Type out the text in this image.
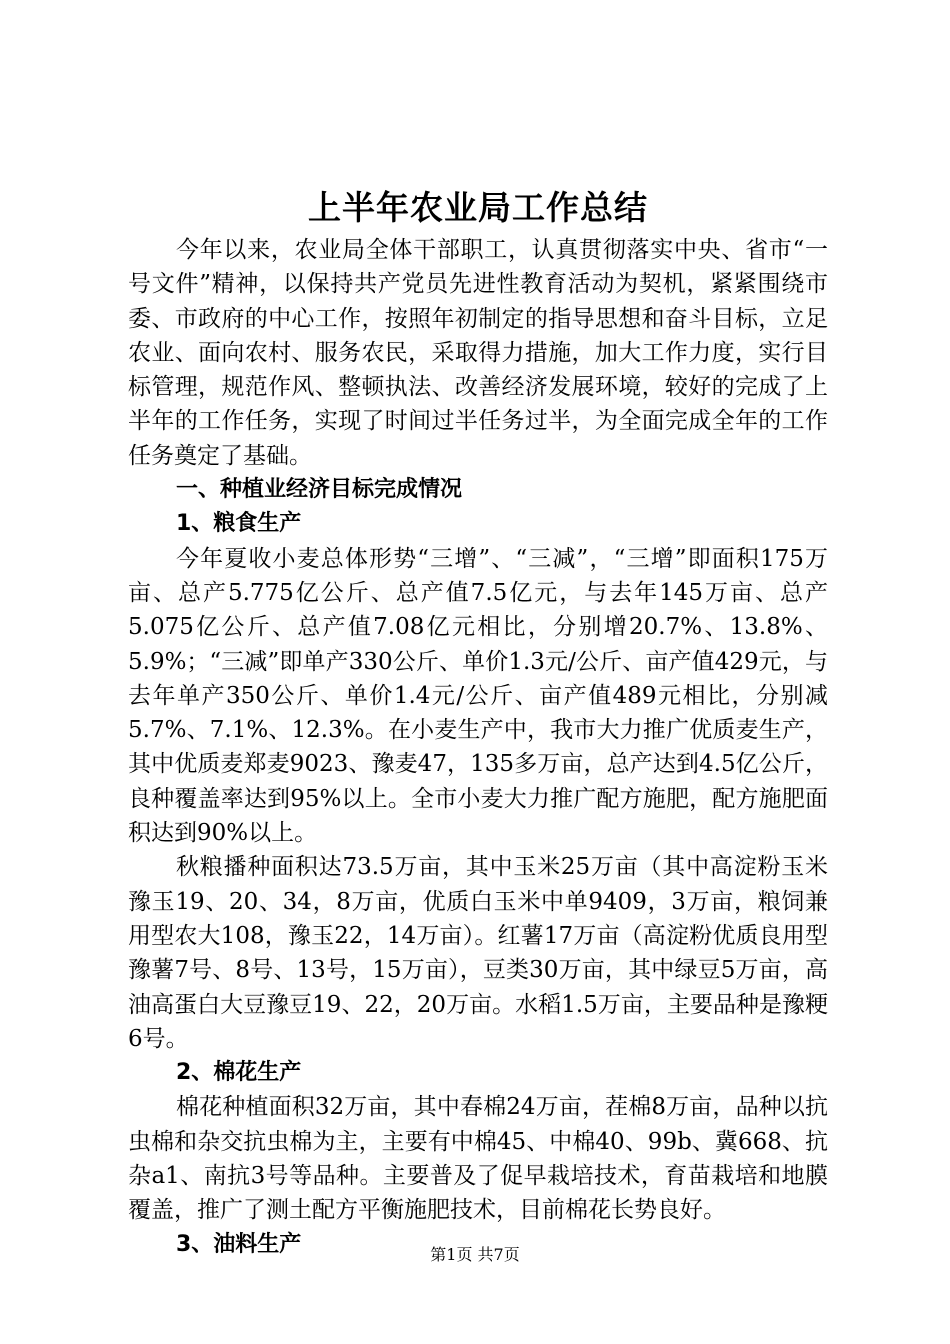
上半年农业局工作总结

今年以来，农业局全体干部职工，认真贯彻落实中央、省市“一号文件”精神，以保持共产党员先进性教育活动为契机，紧紧围绕市委、市政府的中心工作，按照年初制定的指导思想和奋斗目标，立足农业、面向农村、服务农民，采取得力措施，加大工作力度，实行目标管理，规范作风、整顿执法、改善经济发展环境，较好的完成了上半年的工作任务，实现了时间过半任务过半，为全面完成全年的工作任务奠定了基础。

一、种植业经济目标完成情况

1、粮食生产

今年夏收小麦总体形势“三增”、“三减”，“三增”即面积175万亩、总产5.775亿公斤、总产值7.5亿元，与去年145万亩、总产5.075亿公斤、总产值7.08亿元相比，分别增20.7%、13.8%、5.9%；“三减”即单产330公斤、单价1.3元/公斤、亩产值429元，与去年单产350公斤、单价1.4元/公斤、亩产值489元相比，分别减5.7%、7.1%、12.3%。在小麦生产中，我市大力推广优质麦生产，其中优质麦郑麦9023、豫麦47，135多万亩，总产达到4.5亿公斤，良种覆盖率达到95%以上。全市小麦大力推广配方施肥，配方施肥面积达到90%以上。

秋粮播种面积达73.5万亩，其中玉米25万亩（其中高淀粉玉米豫玉19、20、34，8万亩，优质白玉米中单9409，3万亩，粮饲兼用型农大108，豫玉22，14万亩）。红薯17万亩（高淀粉优质良用型豫薯7号、8号、13号，15万亩），豆类30万亩，其中绿豆5万亩，高油高蛋白大豆豫豆19、22，20万亩。水稻1.5万亩，主要品种是豫粳6号。

2、棉花生产

棉花种植面积32万亩，其中春棉24万亩，茬棉8万亩，品种以抗虫棉和杂交抗虫棉为主，主要有中棉45、中棉40、99b、冀668、抗杂a1、南抗3号等品种。主要普及了促早栽培技术，育苗栽培和地膜覆盖，推广了测土配方平衡施肥技术，目前棉花长势良好。

3、油料生产	第1页 共7页
